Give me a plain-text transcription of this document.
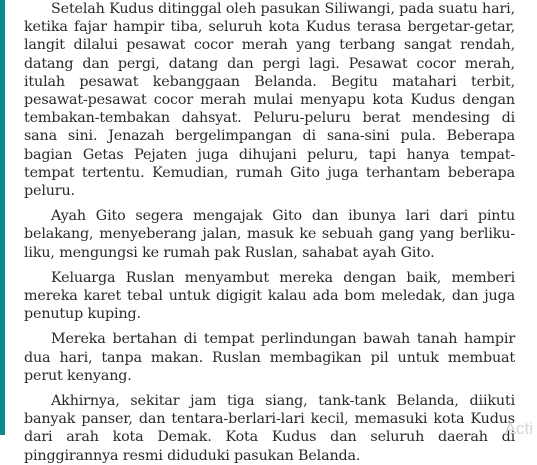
Setelah Kudus ditinggal oleh pasukan Siliwangi, pada suatu hari, ketika fajar hampir tiba, seluruh kota Kudus terasa bergetar-getar, langit dilalui pesawat cocor merah yang terbang sangat rendah, datang dan pergi, datang dan pergi lagi. Pesawat cocor merah, itulah pesawat kebanggaan Belanda. Begitu matahari terbit, pesawat-pesawat cocor merah mulai menyapu kota Kudus dengan tembakan-tembakan dahsyat. Peluru-peluru berat mendesing di sana sini. Jenazah bergelimpangan di sana-sini pula. Beberapa bagian Getas Pejaten juga dihujani peluru, tapi hanya tempat-tempat tertentu. Kemudian, rumah Gito juga terhantam beberapa peluru.

Ayah Gito segera mengajak Gito dan ibunya lari dari pintu belakang, menyeberang jalan, masuk ke sebuah gang yang berliku-liku, mengungsi ke rumah pak Ruslan, sahabat ayah Gito.

Keluarga Ruslan menyambut mereka dengan baik, memberi mereka karet tebal untuk digigit kalau ada bom meledak, dan juga penutup kuping.

Mereka bertahan di tempat perlindungan bawah tanah hampir dua hari, tanpa makan. Ruslan membagikan pil untuk membuat perut kenyang.

Akhirnya, sekitar jam tiga siang, tank-tank Belanda, diikuti banyak panser, dan tentara-berlari-lari kecil, memasuki kota Kudus dari arah kota Demak. Kota Kudus dan seluruh daerah di pinggirannya resmi diduduki pasukan Belanda.

Acti
